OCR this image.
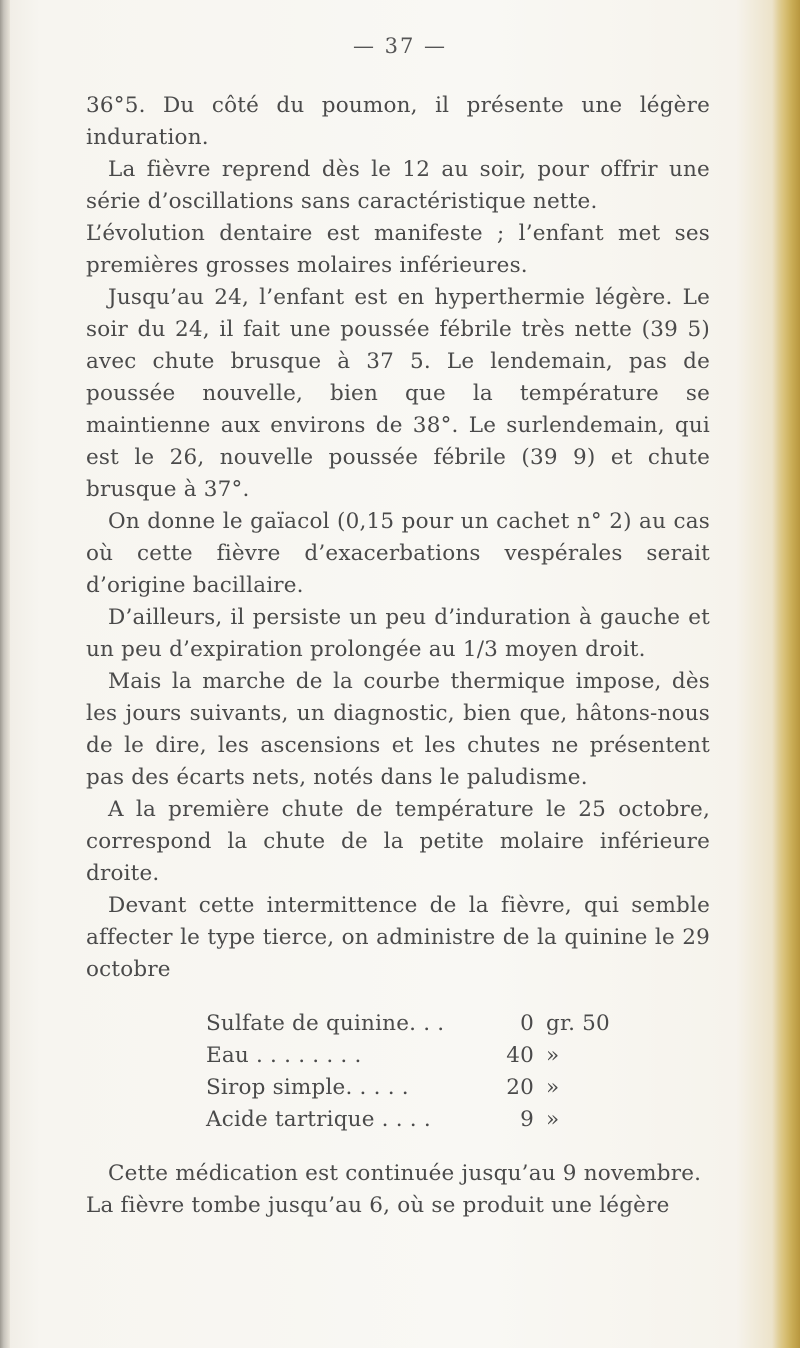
— 37 —

36°5. Du côté du poumon, il présente une légère induration.

La fièvre reprend dès le 12 au soir, pour offrir une série d’oscillations sans caractéristique nette.

L’évolution dentaire est manifeste ; l’enfant met ses premières grosses molaires inférieures.

Jusqu’au 24, l’enfant est en hyperthermie légère. Le soir du 24, il fait une poussée fébrile très nette (39 5) avec chute brusque à 37 5. Le lendemain, pas de poussée nouvelle, bien que la température se maintienne aux environs de 38°. Le surlendemain, qui est le 26, nouvelle poussée fébrile (39 9) et chute brusque à 37°.

On donne le gaïacol (0,15 pour un cachet n° 2) au cas où cette fièvre d’exacerbations vespérales serait d’origine bacillaire.

D’ailleurs, il persiste un peu d’induration à gauche et un peu d’expiration prolongée au 1/3 moyen droit.

Mais la marche de la courbe thermique impose, dès les jours suivants, un diagnostic, bien que, hâtons-nous de le dire, les ascensions et les chutes ne présentent pas des écarts nets, notés dans le paludisme.

A la première chute de température le 25 octobre, correspond la chute de la petite molaire inférieure droite.

Devant cette intermittence de la fièvre, qui semble affecter le type tierce, on administre de la quinine le 29 octobre

Sulfate de quinine. . .	0 gr. 50
Eau . . . . . . . .	40 »
Sirop simple. . . . .	20 »
Acide tartrique . . . .	9 »

Cette médication est continuée jusqu’au 9 novembre.

La fièvre tombe jusqu’au 6, où se produit une légère
